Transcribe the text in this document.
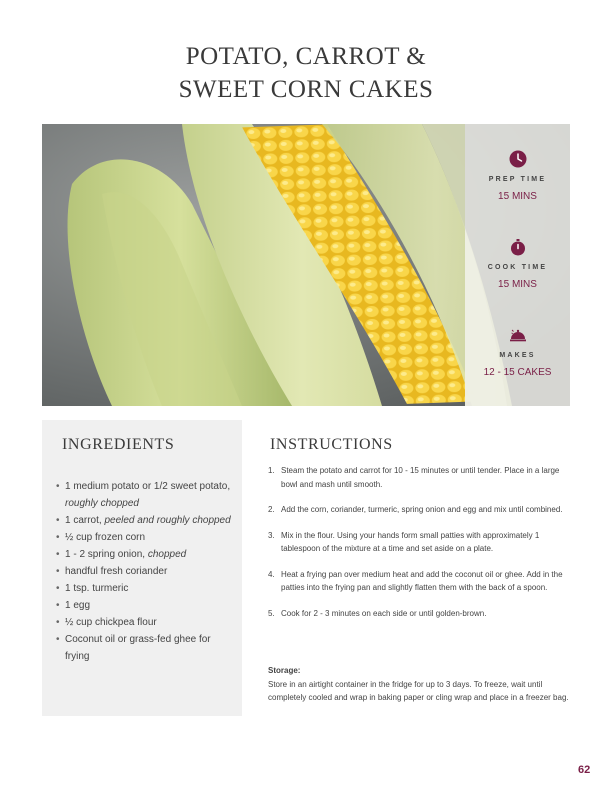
POTATO, CARROT &
SWEET CORN CAKES
PREP TIME
15 MINS
COOK TIME
15 MINS
MAKES
12 - 15 CAKES
INGREDIENTS
• 1 medium potato or 1/2 sweet potato, roughly chopped
• 1 carrot, peeled and roughly chopped
• ½ cup frozen corn
• 1 - 2 spring onion, chopped
• handful fresh coriander
• 1 tsp. turmeric
• 1 egg
• ½ cup chickpea flour
• Coconut oil or grass-fed ghee for frying
INSTRUCTIONS
1. Steam the potato and carrot for 10 - 15 minutes or until tender. Place in a large bowl and mash until smooth.
2. Add the corn, coriander, turmeric, spring onion and egg and mix until combined.
3. Mix in the flour. Using your hands form small patties with approximately 1 tablespoon of the mixture at a time and set aside on a plate.
4. Heat a frying pan over medium heat and add the coconut oil or ghee. Add in the patties into the frying pan and slightly flatten them with the back of a spoon.
5. Cook for 2 - 3 minutes on each side or until golden-brown.
Storage:
Store in an airtight container in the fridge for up to 3 days. To freeze, wait until completely cooled and wrap in baking paper or cling wrap and place in a freezer bag.
62
